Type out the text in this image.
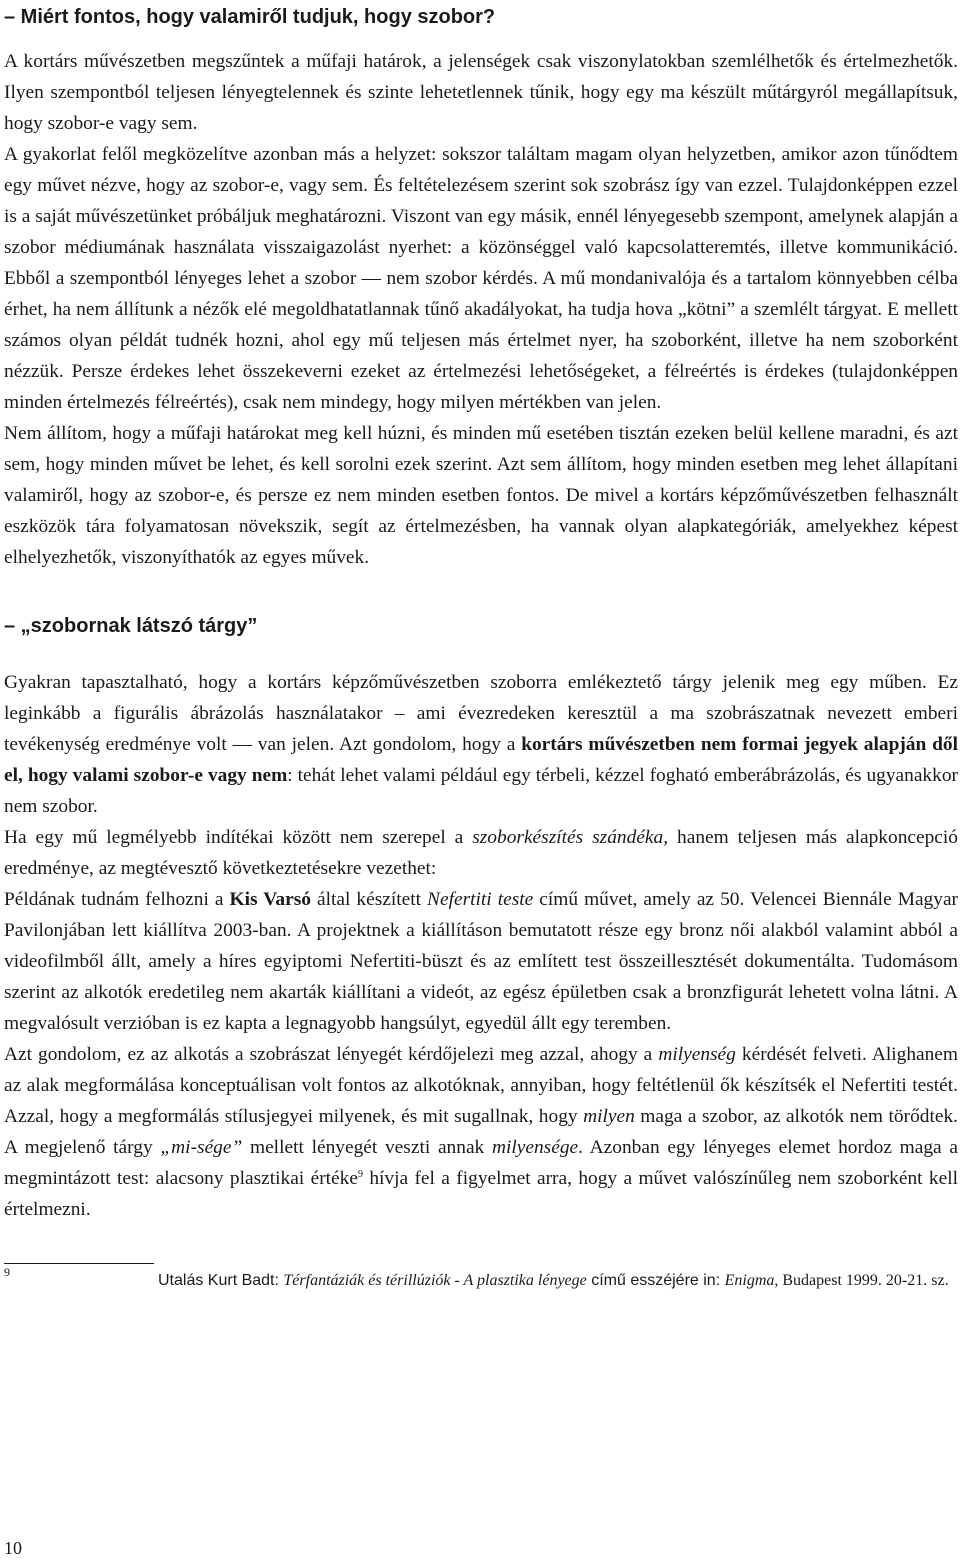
– Miért fontos, hogy valamiről tudjuk, hogy szobor?

A kortárs művészetben megszűntek a műfaji határok, a jelenségek csak viszonylatokban szemlélhetők és értelmezhetők. Ilyen szempontból teljesen lényegtelennek és szinte lehetetlennek tűnik, hogy egy ma készült műtárgyról megállapítsuk, hogy szobor-e vagy sem.

A gyakorlat felől megközelítve azonban más a helyzet: sokszor találtam magam olyan helyzetben, amikor azon tűnődtem egy művet nézve, hogy az szobor-e, vagy sem. És feltételezésem szerint sok szobrász így van ezzel. Tulajdonképpen ezzel is a saját művészetünket próbáljuk meghatározni. Viszont van egy másik, ennél lényegesebb szempont, amelynek alapján a szobor médiumának használata visszaigazolást nyerhet: a közönséggel való kapcsolatteremtés, illetve kommunikáció. Ebből a szempontból lényeges lehet a szobor — nem szobor kérdés. A mű mondanivalója és a tartalom könnyebben célba érhet, ha nem állítunk a nézők elé megoldhatatlannak tűnő akadályokat, ha tudja hova „kötni” a szemlélt tárgyat. E mellett számos olyan példát tudnék hozni, ahol egy mű teljesen más értelmet nyer, ha szoborként, illetve ha nem szoborként nézzük. Persze érdekes lehet összekeverni ezeket az értelmezési lehetőségeket, a félreértés is érdekes (tulajdonképpen minden értelmezés félreértés), csak nem mindegy, hogy milyen mértékben van jelen.

Nem állítom, hogy a műfaji határokat meg kell húzni, és minden mű esetében tisztán ezeken belül kellene maradni, és azt sem, hogy minden művet be lehet, és kell sorolni ezek szerint. Azt sem állítom, hogy minden esetben meg lehet állapítani valamiről, hogy az szobor-e, és persze ez nem minden esetben fontos. De mivel a kortárs képzőművészetben felhasznált eszközök tára folyamatosan növekszik, segít az értelmezésben, ha vannak olyan alapkategóriák, amelyekhez képest elhelyezhetők, viszonyíthatók az egyes művek.

– „szobornak látszó tárgy”

Gyakran tapasztalható, hogy a kortárs képzőművészetben szoborra emlékeztető tárgy jelenik meg egy műben. Ez leginkább a figurális ábrázolás használatakor – ami évezredeken keresztül a ma szobrászatnak nevezett emberi tevékenység eredménye volt — van jelen. Azt gondolom, hogy a kortárs művészetben nem formai jegyek alapján dől el, hogy valami szobor-e vagy nem: tehát lehet valami például egy térbeli, kézzel fogható emberábrázolás, és ugyanakkor nem szobor.

Ha egy mű legmélyebb indítékai között nem szerepel a szoborkészítés szándéka, hanem teljesen más alapkoncepció eredménye, az megtévesztő következtetésekre vezethet:

Példának tudnám felhozni a Kis Varsó által készített Nefertiti teste című művet, amely az 50. Velencei Biennále Magyar Pavilonjában lett kiállítva 2003-ban. A projektnek a kiállításon bemutatott része egy bronz női alakból valamint abból a videofilmből állt, amely a híres egyiptomi Nefertiti-büszt és az említett test összeillesztését dokumentálta. Tudomásom szerint az alkotók eredetileg nem akarták kiállítani a videót, az egész épületben csak a bronzfigurát lehetett volna látni. A megvalósult verzióban is ez kapta a legnagyobb hangsúlyt, egyedül állt egy teremben.

Azt gondolom, ez az alkotás a szobrászat lényegét kérdőjelezi meg azzal, ahogy a milyenség kérdését felveti. Alighanem az alak megformálása konceptuálisan volt fontos az alkotóknak, annyiban, hogy feltétlenül ők készítsék el Nefertiti testét. Azzal, hogy a megformálás stílusjegyei milyenek, és mit sugallnak, hogy milyen maga a szobor, az alkotók nem törődtek. A megjelenő tárgy „mi-sége” mellett lényegét veszti annak milyensége. Azonban egy lényeges elemet hordoz maga a megmintázott test: alacsony plasztikai értéke$^9$ hívja fel a figyelmet arra, hogy a művet valószínűleg nem szoborként kell értelmezni.

$^9$	Utalás Kurt Badt: Térfantáziák és térillúziók - A plasztika lényege című esszéjére in: Enigma, Budapest 1999. 20-21. sz.
10
